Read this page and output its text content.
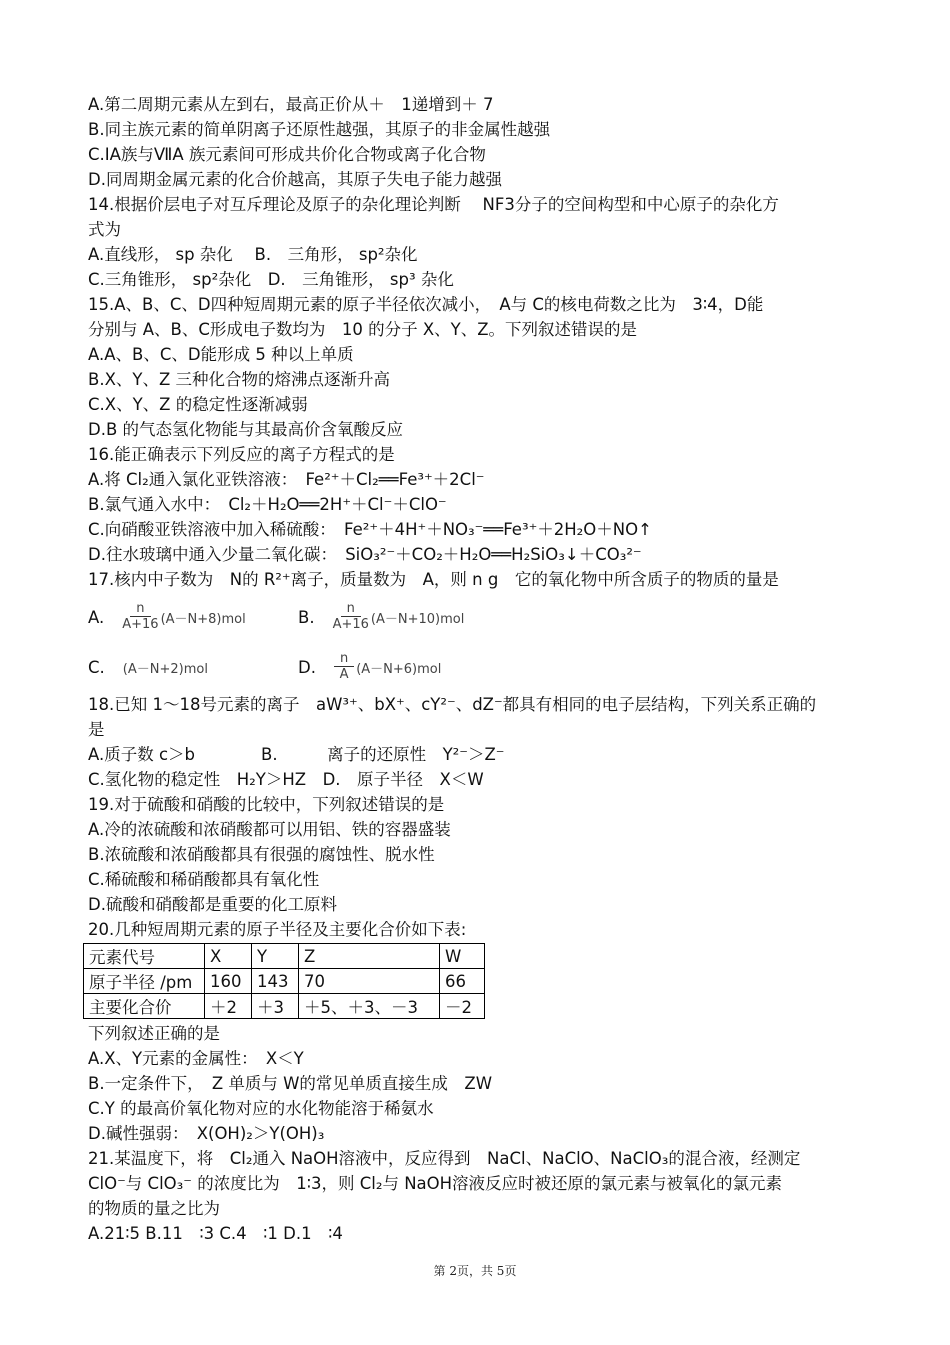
A.第二周期元素从左到右，最高正价从＋　1递增到＋ 7
B.同主族元素的简单阴离子还原性越强，其原子的非金属性越强
C.ⅠA族与ⅦA 族元素间可形成共价化合物或离子化合物
D.同周期金属元素的化合价越高，其原子失电子能力越强
14.根据价层电子对互斥理论及原子的杂化理论判断　 NF3分子的空间构型和中心原子的杂化方
式为
A.直线形， sp 杂化　 B.　三角形， sp²杂化
C.三角锥形， sp²杂化　D.　三角锥形， sp³ 杂化
15.A、B、C、D四种短周期元素的原子半径依次减小，　A与 C的核电荷数之比为　3∶4，D能
分别与 A、B、C形成电子数均为　10 的分子 X、Y、Z。下列叙述错误的是
A.A、B、C、D能形成 5 种以上单质
B.X、Y、Z 三种化合物的熔沸点逐渐升高
C.X、Y、Z 的稳定性逐渐减弱
D.B 的气态氢化物能与其最高价含氧酸反应
16.能正确表示下列反应的离子方程式的是
A.将 Cl₂通入氯化亚铁溶液：　Fe²⁺＋Cl₂══Fe³⁺＋2Cl⁻
B.氯气通入水中：　Cl₂＋H₂O══2H⁺＋Cl⁻＋ClO⁻
C.向硝酸亚铁溶液中加入稀硫酸：　Fe²⁺＋4H⁺＋NO₃⁻══Fe³⁺＋2H₂O＋NO↑
D.往水玻璃中通入少量二氧化碳：　SiO₃²⁻＋CO₂＋H₂O══H₂SiO₃↓＋CO₃²⁻
17.核内中子数为　N的 R²⁺离子，质量数为　A，则 n g　它的氧化物中所含质子的物质的量是
A. $\frac{n}{A+16} (A-N+8)mol$	B. $\frac{n}{A+16} (A-N+10)mol$
C. (A－N+2)mol	D. $\frac{n}{A} (A-N+6)mol$
18.已知 1～18号元素的离子　aW³⁺、bX⁺、cY²⁻、dZ⁻都具有相同的电子层结构，下列关系正确的
是
A.质子数 c＞b　　　　B.　　　离子的还原性　Y²⁻＞Z⁻
C.氢化物的稳定性　H₂Y＞HZ　D.　原子半径　X＜W
19.对于硫酸和硝酸的比较中，下列叙述错误的是
A.冷的浓硫酸和浓硝酸都可以用铝、铁的容器盛装
B.浓硫酸和浓硝酸都具有很强的腐蚀性、脱水性
C.稀硫酸和稀硝酸都具有氧化性
D.硫酸和硝酸都是重要的化工原料
20.几种短周期元素的原子半径及主要化合价如下表:
元素代号	X	Y	Z	W
原子半径 /pm	160	143	70	66
主要化合价	＋2	＋3	＋5、＋3、－3	－2
下列叙述正确的是
A.X、Y元素的金属性：　X＜Y
B.一定条件下，　Z 单质与 W的常见单质直接生成　ZW
C.Y 的最高价氧化物对应的水化物能溶于稀氨水
D.碱性强弱：　X(OH)₂＞Y(OH)₃
21.某温度下，将　Cl₂通入 NaOH溶液中，反应得到　NaCl、NaClO、NaClO₃的混合液，经测定
ClO⁻与 ClO₃⁻ 的浓度比为　1∶3，则 Cl₂与 NaOH溶液反应时被还原的氯元素与被氧化的氯元素
的物质的量之比为
A.21∶5 B.11　∶3 C.4　∶1 D.1　∶4
第 2页，共 5页
